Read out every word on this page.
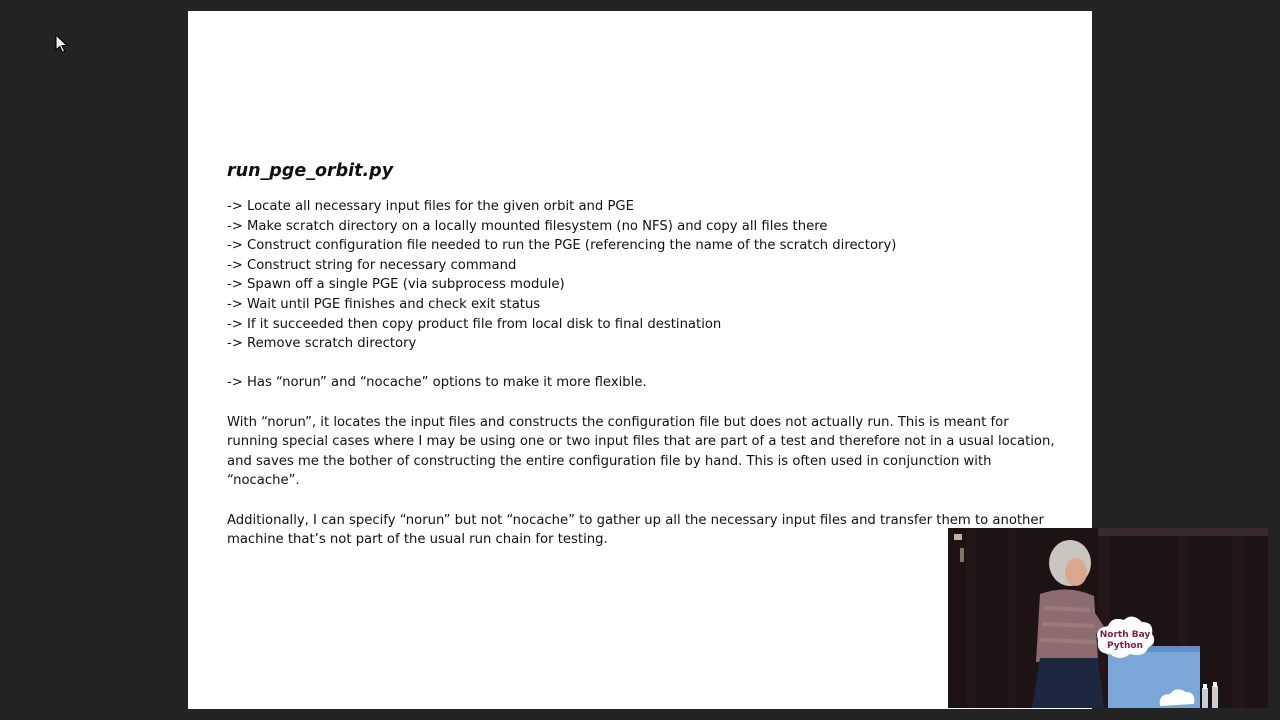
run_pge_orbit.py
-> Locate all necessary input files for the given orbit and PGE
-> Make scratch directory on a locally mounted filesystem (no NFS) and copy all files there
-> Construct configuration file needed to run the PGE (referencing the name of the scratch directory)
-> Construct string for necessary command
-> Spawn off a single PGE (via subprocess module)
-> Wait until PGE finishes and check exit status
-> If it succeeded then copy product file from local disk to final destination
-> Remove scratch directory

-> Has “norun” and “nocache” options to make it more flexible.

With “norun”, it locates the input files and constructs the configuration file but does not actually run. This is meant for running special cases where I may be using one or two input files that are part of a test and therefore not in a usual location, and saves me the bother of constructing the entire configuration file by hand. This is often used in conjunction with “nocache”.

Additionally, I can specify “norun” but not “nocache” to gather up all the necessary input files and transfer them to another machine that’s not part of the usual run chain for testing.

North Bay
Python
